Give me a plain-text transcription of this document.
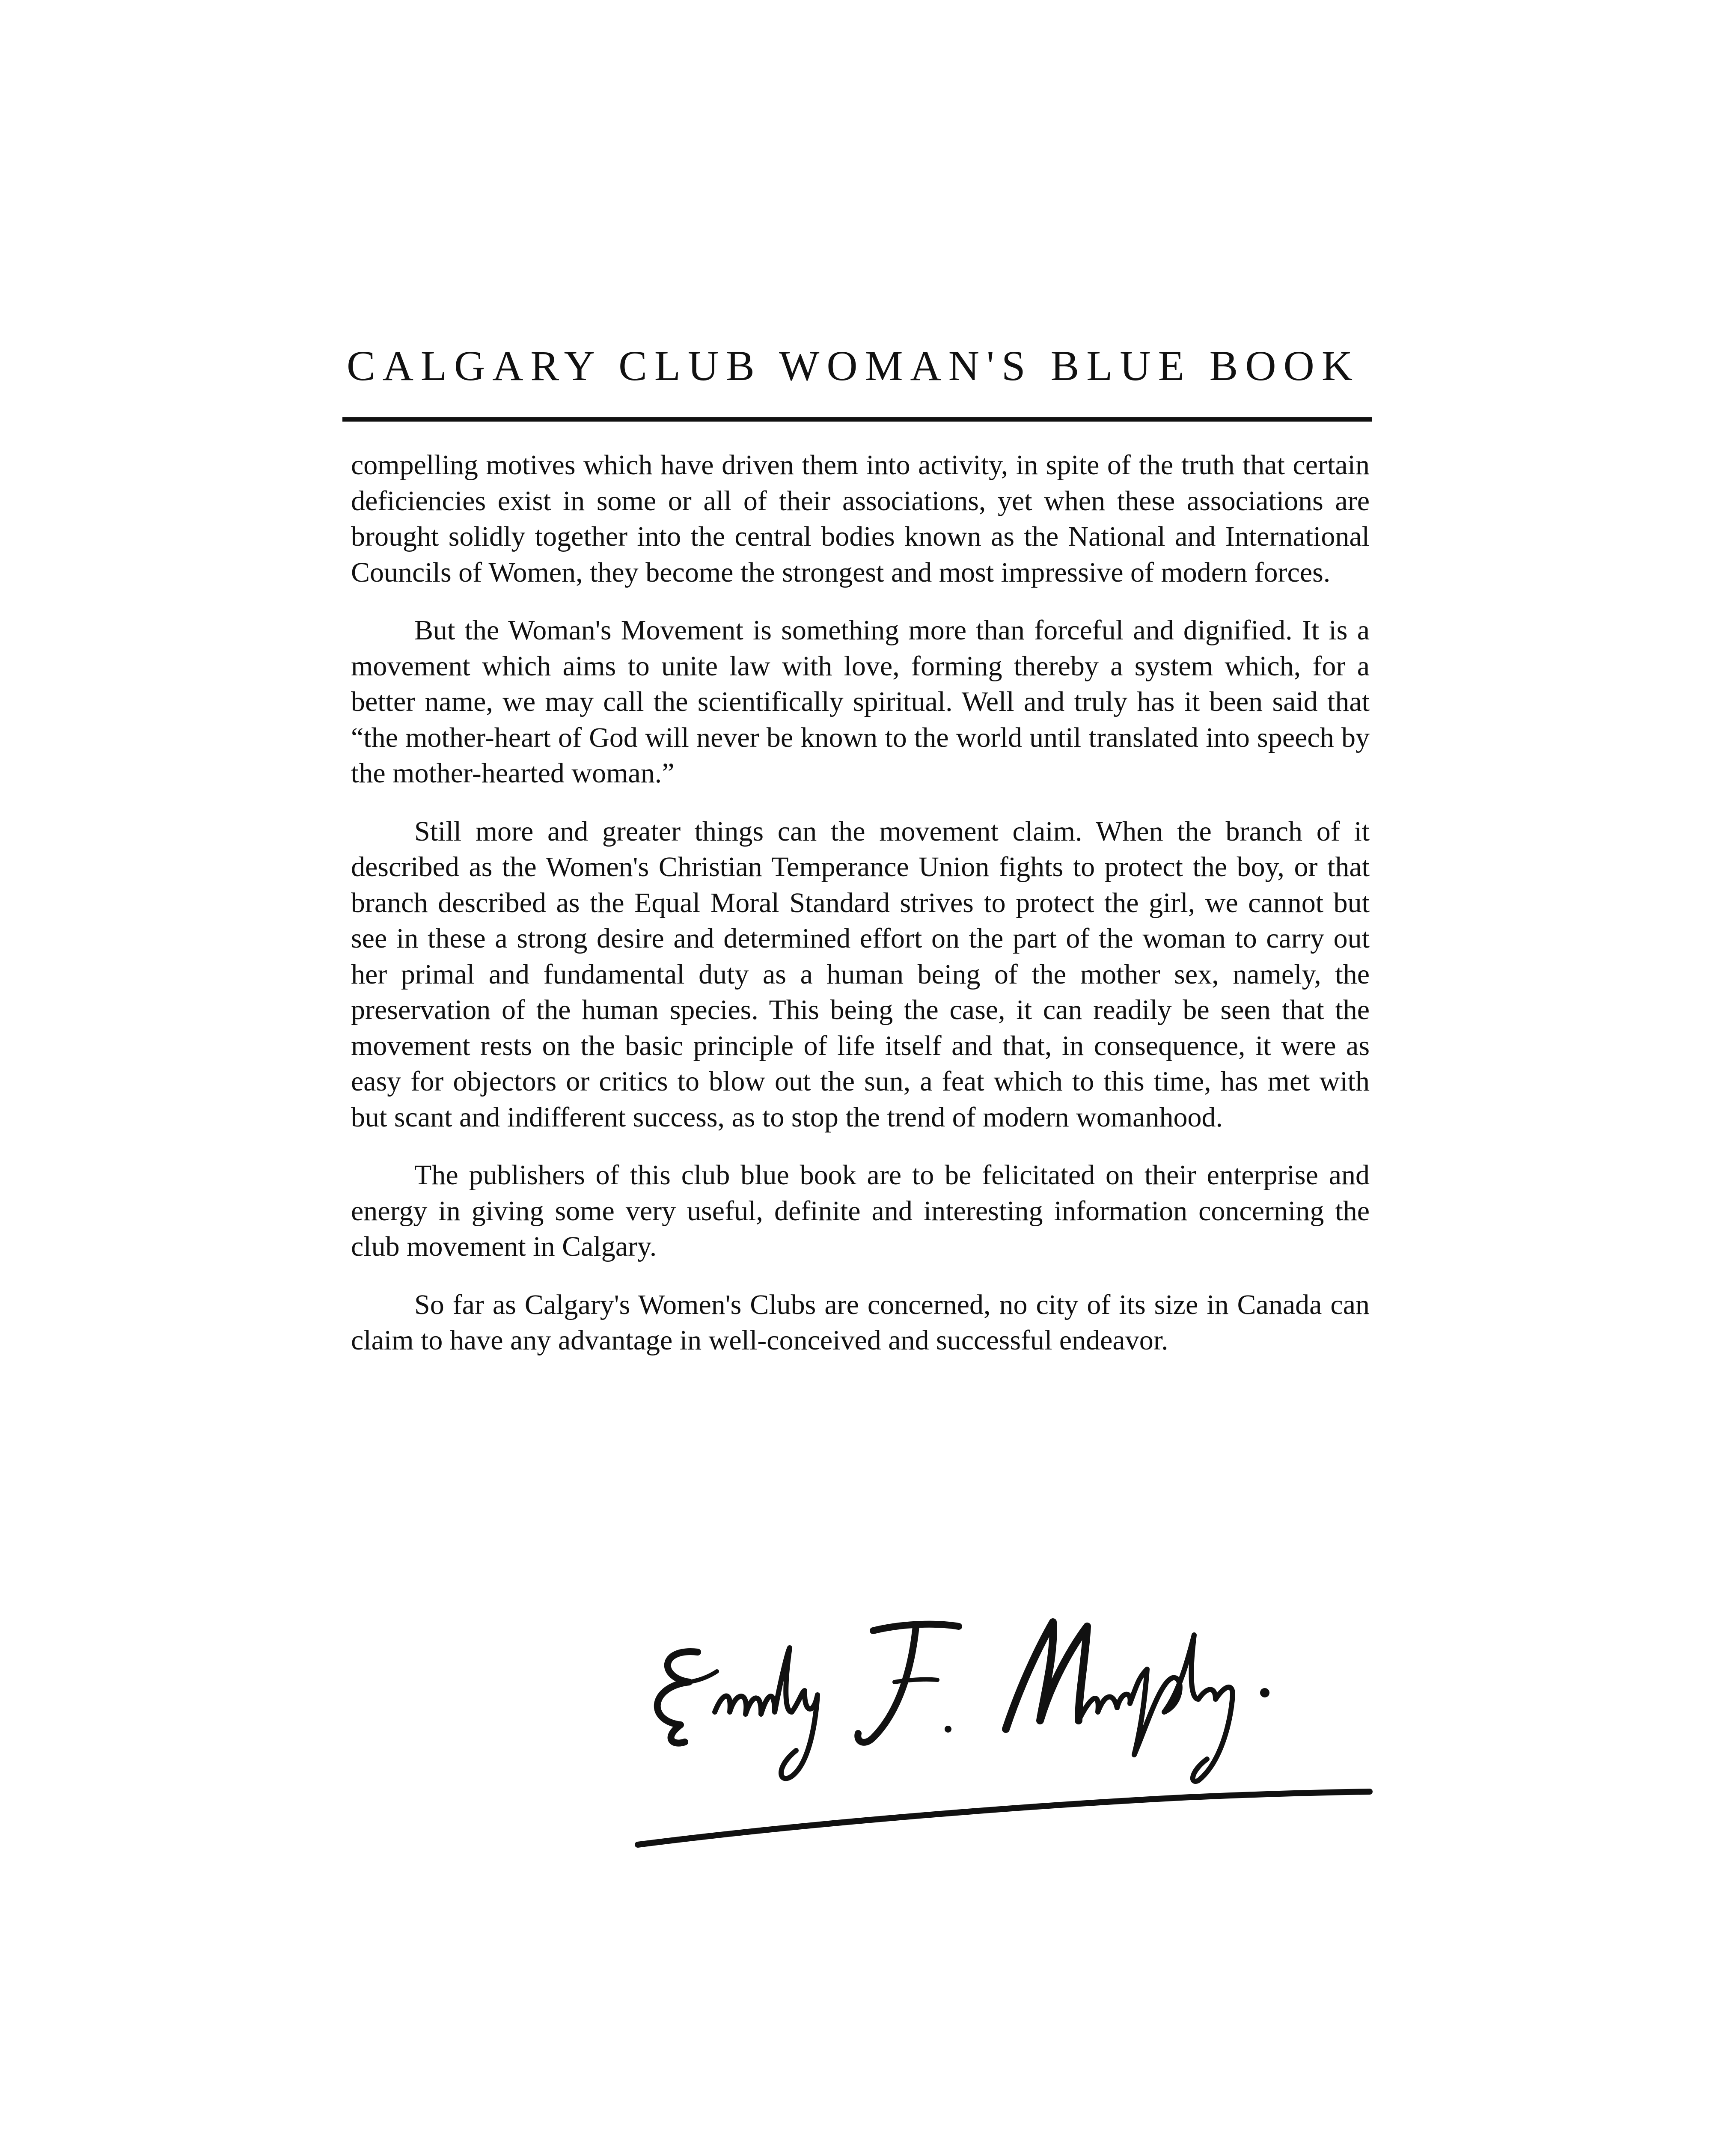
CALGARY CLUB WOMAN'S BLUE BOOK

compelling motives which have driven them into activity, in spite of the truth that certain deficiencies exist in some or all of their associations, yet when these associations are brought solidly together into the central bodies known as the National and International Councils of Women, they become the strongest and most impressive of modern forces.

But the Woman's Movement is something more than forceful and dignified. It is a movement which aims to unite law with love, forming thereby a system which, for a better name, we may call the scientifically spiritual. Well and truly has it been said that “the mother-heart of God will never be known to the world until translated into speech by the mother-hearted woman.”

Still more and greater things can the movement claim. When the branch of it described as the Women's Christian Temperance Union fights to protect the boy, or that branch described as the Equal Moral Standard strives to protect the girl, we cannot but see in these a strong desire and determined effort on the part of the woman to carry out her primal and fundamental duty as a human being of the mother sex, namely, the preservation of the human species. This being the case, it can readily be seen that the movement rests on the basic principle of life itself and that, in consequence, it were as easy for objectors or critics to blow out the sun, a feat which to this time, has met with but scant and indifferent success, as to stop the trend of modern womanhood.

The publishers of this club blue book are to be felicitated on their enterprise and energy in giving some very useful, definite and interesting information concerning the club movement in Calgary.

So far as Calgary's Women's Clubs are concerned, no city of its size in Canada can claim to have any advantage in well-conceived and successful endeavor.
